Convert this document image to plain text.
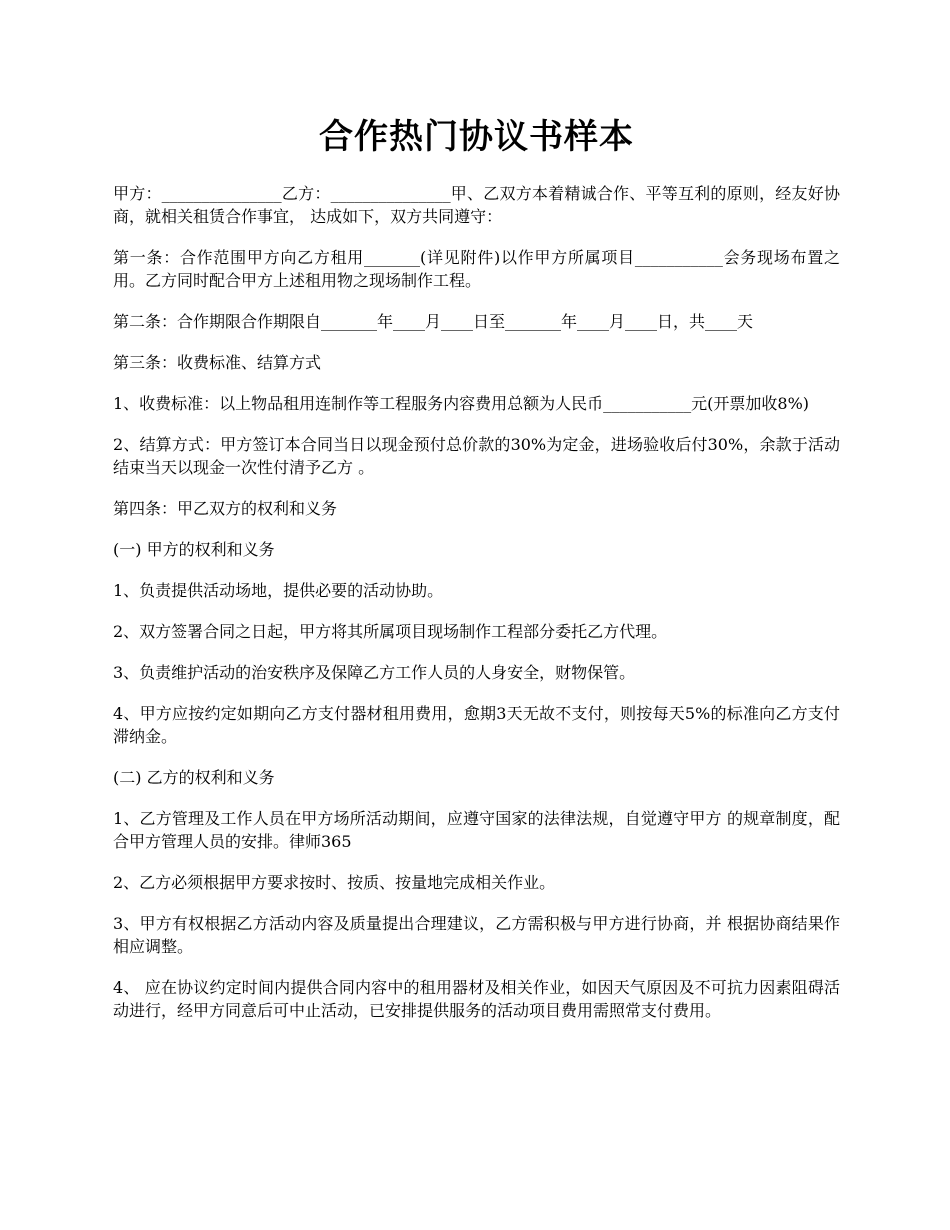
合作热门协议书样本

甲方：_______________乙方：_______________甲、乙双方本着精诚合作、平等互利的原则，经友好协商，就相关租赁合作事宜， 达成如下，双方共同遵守：

第一条：合作范围甲方向乙方租用_______(详见附件)以作甲方所属项目___________会务现场布置之用。乙方同时配合甲方上述租用物之现场制作工程。

第二条：合作期限合作期限自_______年____月____日至_______年____月____日，共____天

第三条：收费标准、结算方式

1、收费标准：以上物品租用连制作等工程服务内容费用总额为人民币___________元(开票加收8%)

2、结算方式：甲方签订本合同当日以现金预付总价款的30%为定金，进场验收后付30%，余款于活动结束当天以现金一次性付清予乙方 。

第四条：甲乙双方的权利和义务

(一) 甲方的权利和义务

1、负责提供活动场地，提供必要的活动协助。

2、双方签署合同之日起，甲方将其所属项目现场制作工程部分委托乙方代理。

3、负责维护活动的治安秩序及保障乙方工作人员的人身安全，财物保管。

4、甲方应按约定如期向乙方支付器材租用费用，愈期3天无故不支付，则按每天5%的标准向乙方支付滞纳金。

(二) 乙方的权利和义务

1、乙方管理及工作人员在甲方场所活动期间，应遵守国家的法律法规，自觉遵守甲方 的规章制度，配合甲方管理人员的安排。律师365

2、乙方必须根据甲方要求按时、按质、按量地完成相关作业。

3、甲方有权根据乙方活动内容及质量提出合理建议，乙方需积极与甲方进行协商，并 根据协商结果作相应调整。

4、 应在协议约定时间内提供合同内容中的租用器材及相关作业，如因天气原因及不可抗力因素阻碍活动进行，经甲方同意后可中止活动，已安排提供服务的活动项目费用需照常支付费用。
